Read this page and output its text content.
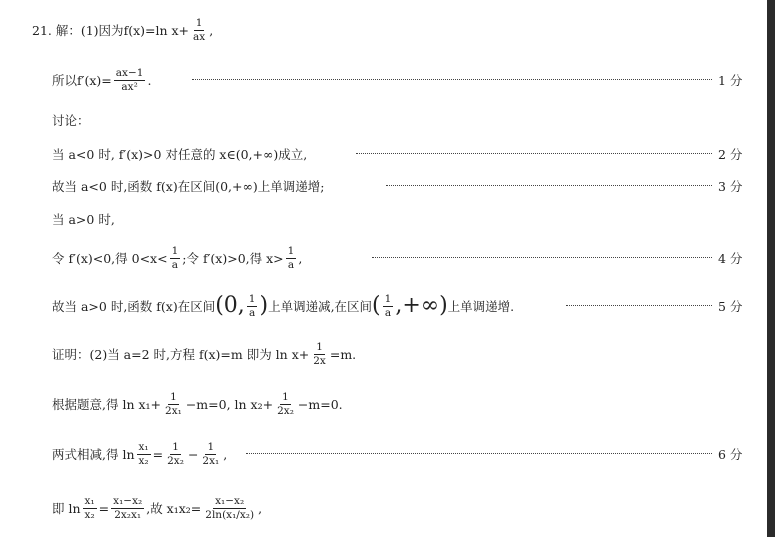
21. 解：(1)因为 f(x)=ln $x+ \frac{1}{ax}$ ,
所以 $f'(x)= \frac{ax-1}{\text{ax²}}$ .	1 分
讨论：
当 a<0 时, f′(x)>0 对任意的 x∈(0,+∞)成立,	2 分
故当 a<0 时,函数 f(x)在区间(0,+∞)上单调递增;	3 分
当 a>0 时,
令 f′(x)<0,得 $0<x< \frac{1}{a}$ ;令 f′(x)>0,得 $x> \frac{1}{a}$ ,	4 分
故当 a>0 时,函数 f(x)在区间 (0, $\frac{1}{a}$ ) 上单调递减,在区间 ( $\frac{1}{a}$ ,+∞) 上单调递增.	5 分
证明：(2)当 a=2 时,方程 f(x)=m 即为 $\ln x+ \frac{1}{2x} =m$.
根据题意,得 $\ln x_1+ \frac{1}{\text{2x₁}} -m=0$, $\ln x_2+ \frac{1}{\text{2x₂}} -m=0$.
两式相减,得 $\ln \frac{\text{x₁}}{\text{x₂}} = \frac{1}{\text{2x₂}} - \frac{1}{\text{2x₁}}$ ,	6 分
即 $\ln \frac{\text{x₁}}{\text{x₂}} = \frac{\text{x₁−x₂}}{\text{2x₂x₁}}$ ,故 $x_1x_2= \frac{\text{x₁−x₂}}{\text{2ln(x₁/x₂)}}$ ,
